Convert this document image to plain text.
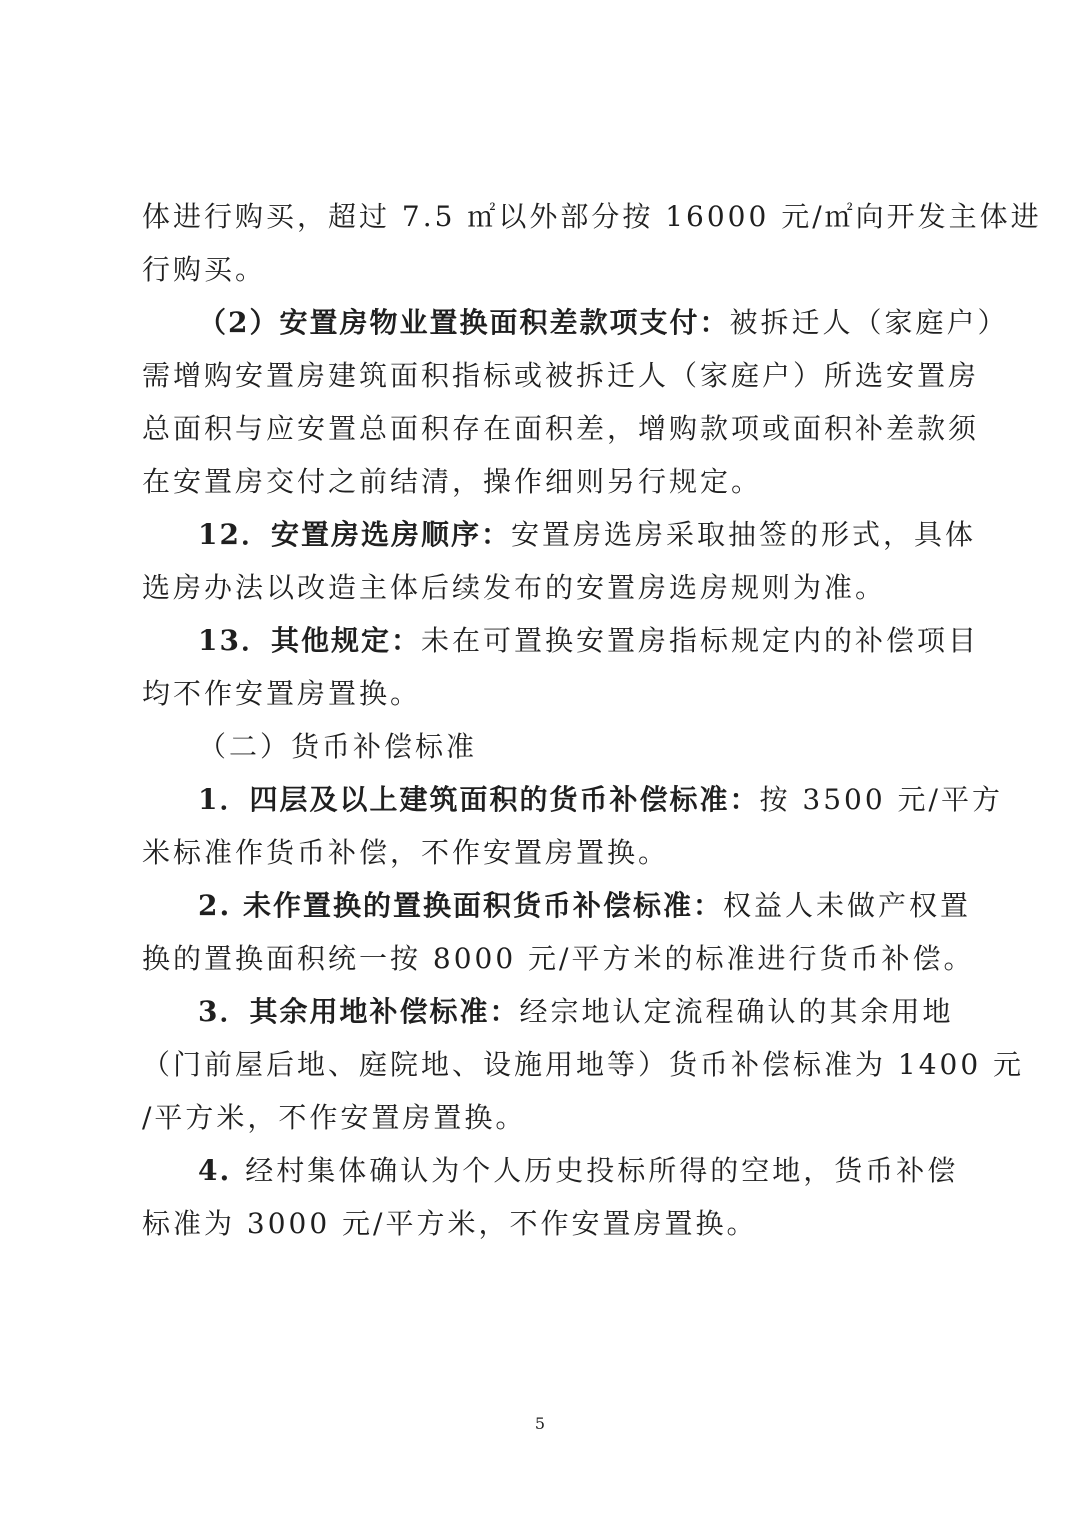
体进行购买，超过 7.5 ㎡以外部分按 16000 元/㎡向开发主体进
行购买。
（2）安置房物业置换面积差款项支付：被拆迁人（家庭户）
需增购安置房建筑面积指标或被拆迁人（家庭户）所选安置房
总面积与应安置总面积存在面积差，增购款项或面积补差款须
在安置房交付之前结清，操作细则另行规定。
12．安置房选房顺序：安置房选房采取抽签的形式，具体
选房办法以改造主体后续发布的安置房选房规则为准。
13．其他规定：未在可置换安置房指标规定内的补偿项目
均不作安置房置换。
（二）货币补偿标准
1．四层及以上建筑面积的货币补偿标准：按 3500 元/平方
米标准作货币补偿，不作安置房置换。
2. 未作置换的置换面积货币补偿标准：权益人未做产权置
换的置换面积统一按 8000 元/平方米的标准进行货币补偿。
3．其余用地补偿标准：经宗地认定流程确认的其余用地
（门前屋后地、庭院地、设施用地等）货币补偿标准为 1400 元
/平方米，不作安置房置换。
4. 经村集体确认为个人历史投标所得的空地，货币补偿
标准为 3000 元/平方米，不作安置房置换。
5
